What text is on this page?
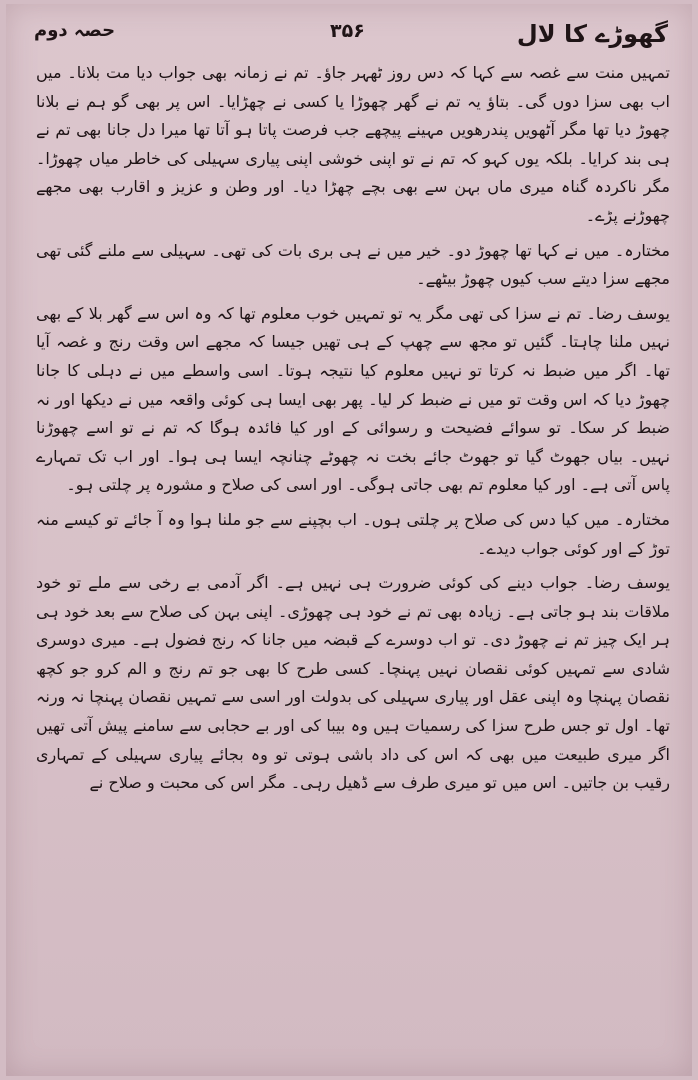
حصہ دوم	۳۵۶	گھوڑے کا لال

تمہیں منت سے غصہ سے کہا کہ دس روز ٹھہر جاؤ۔ تم نے زمانہ بھی جواب دیا مت بلانا۔ میں اب بھی سزا دوں گی۔ بتاؤ یہ تم نے گھر چھوڑا یا کسی نے چھڑایا۔ اس پر بھی گو ہم نے بلانا چھوڑ دیا تھا مگر آٹھویں پندرھویں مہینے پیچھے جب فرصت پاتا ہو آتا تھا میرا دل جانا بھی تم نے ہی بند کرایا۔ بلکہ یوں کہو کہ تم نے تو اپنی خوشی اپنی پیاری سہیلی کی خاطر میاں چھوڑا۔ مگر ناکردہ گناہ میری ماں بہن سے بھی بچے چھڑا دیا۔ اور وطن و عزیز و اقارب بھی مجھے چھوڑنے پڑے۔

مختارہ۔ میں نے کہا تھا چھوڑ دو۔ خیر میں نے ہی بری بات کی تھی۔ سہیلی سے ملنے گئی تھی مجھے سزا دیتے سب کیوں چھوڑ بیٹھے۔

یوسف رضا۔ تم نے سزا کی تھی مگر یہ تو تمہیں خوب معلوم تھا کہ وہ اس سے گھر بلا کے بھی نہیں ملنا چاہتا۔ گئیں تو مجھ سے چھپ کے ہی تھیں جیسا کہ مجھے اس وقت رنج و غصہ آیا تھا۔ اگر میں ضبط نہ کرتا تو نہیں معلوم کیا نتیجہ ہوتا۔ اسی واسطے میں نے دہلی کا جانا چھوڑ دیا کہ اس وقت تو میں نے ضبط کر لیا۔ پھر بھی ایسا ہی کوئی واقعہ میں نے دیکھا اور نہ ضبط کر سکا۔ تو سوائے فضیحت و رسوائی کے اور کیا فائدہ ہوگا کہ تم نے تو اسے چھوڑنا نہیں۔ بیاں جھوٹ گیا تو جھوٹ جائے بخت نہ چھوٹے چنانچہ ایسا ہی ہوا۔ اور اب تک تمہارے پاس آتی ہے۔ اور کیا معلوم تم بھی جاتی ہوگی۔ اور اسی کی صلاح و مشورہ پر چلتی ہو۔

مختارہ۔ میں کیا دس کی صلاح پر چلتی ہوں۔ اب بچپنے سے جو ملنا ہوا وہ آ جائے تو کیسے منہ توڑ کے اور کوئی جواب دیدے۔

یوسف رضا۔ جواب دینے کی کوئی ضرورت ہی نہیں ہے۔ اگر آدمی بے رخی سے ملے تو خود ملاقات بند ہو جاتی ہے۔ زیادہ بھی تم نے خود ہی چھوڑی۔ اپنی بہن کی صلاح سے بعد خود ہی ہر ایک چیز تم نے چھوڑ دی۔ تو اب دوسرے کے قبضہ میں جانا کہ رنج فضول ہے۔ میری دوسری شادی سے تمہیں کوئی نقصان نہیں پہنچا۔ کسی طرح کا بھی جو تم رنج و الم کرو جو کچھ نقصان پہنچا وہ اپنی عقل اور پیاری سہیلی کی بدولت اور اسی سے تمہیں نقصان پہنچا نہ ورنہ تھا۔ اول تو جس طرح سزا کی رسمیات ہیں وہ بیبا کی اور بے حجابی سے سامنے پیش آتی تھیں اگر میری طبیعت میں بھی کہ اس کی داد باشی ہوتی تو وہ بجائے پیاری سہیلی کے تمہاری رقیب بن جاتیں۔ اس میں تو میری طرف سے ڈھیل رہی۔ مگر اس کی محبت و صلاح نے
